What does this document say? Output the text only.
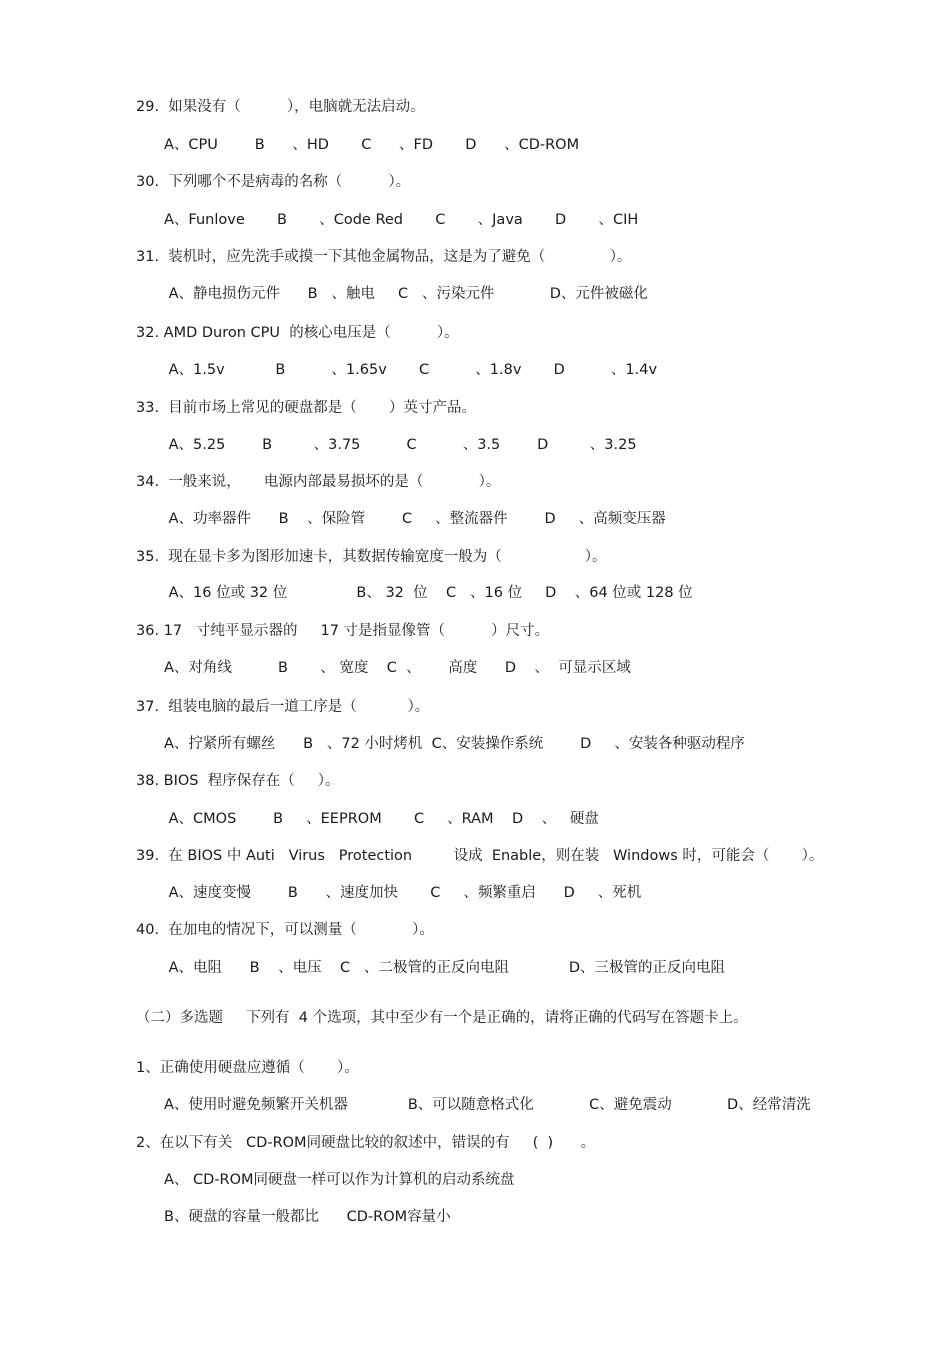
29.  如果没有（          ），电脑就无法启动。
A、CPU        B      、HD       C      、FD       D      、CD-ROM
30.  下列哪个不是病毒的名称（          ）。
A、Funlove       B       、Code Red       C       、Java       D       、CIH
31.  装机时，应先洗手或摸一下其他金属物品，这是为了避免（              ）。
A、静电损伤元件      B   、触电     C   、污染元件            D、元件被磁化
32. AMD Duron CPU  的核心电压是（          ）。
A、1.5v           B          、1.65v       C          、1.8v       D          、1.4v
33.  目前市场上常见的硬盘都是（       ）英寸产品。
A、5.25        B         、3.75          C          、3.5        D         、3.25
34.  一般来说，     电源内部最易损坏的是（            ）。
A、功率器件      B    、保险管        C     、整流器件        D     、高频变压器
35.  现在显卡多为图形加速卡，其数据传输宽度一般为（                  ）。
A、16 位或 32 位               B、 32  位    C   、16 位     D    、64 位或 128 位
36. 17   寸纯平显示器的     17 寸是指显像管（          ）尺寸。
A、对角线          B       、 宽度    C  、      高度      D    、  可显示区域
37.  组装电脑的最后一道工序是（           ）。
A、拧紧所有螺丝      B   、72 小时烤机  C、安装操作系统        D     、安装各种驱动程序
38. BIOS  程序保存在（     ）。
A、CMOS        B     、EEPROM       C     、RAM    D    、   硬盘
39.  在 BIOS 中 Auti   Virus   Protection         设成  Enable，则在装   Windows 时，可能会（       ）。
A、速度变慢        B      、速度加快       C     、频繁重启      D     、死机
40.  在加电的情况下，可以测量（            ）。
A、电阻      B    、电压    C   、二极管的正反向电阻             D、三极管的正反向电阻
（二）多选题     下列有  4 个选项，其中至少有一个是正确的，请将正确的代码写在答题卡上。
1、正确使用硬盘应遵循（       ）。
A、使用时避免频繁开关机器             B、可以随意格式化            C、避免震动            D、经常清洗
2、在以下有关   CD-ROM同硬盘比较的叙述中，错误的有     (  )      。
A、 CD-ROM同硬盘一样可以作为计算机的启动系统盘
B、硬盘的容量一般都比      CD-ROM容量小
